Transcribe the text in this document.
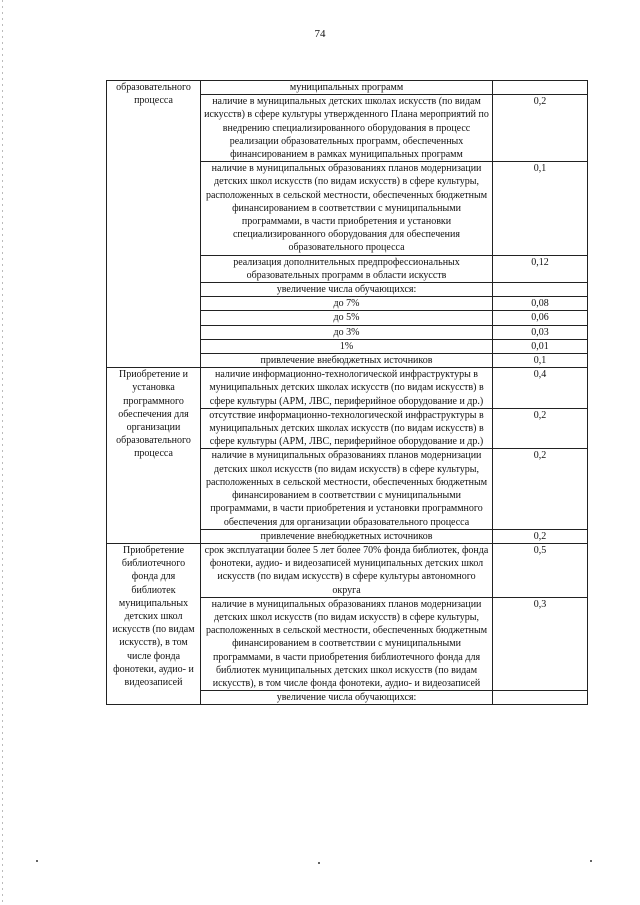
74
образовательного процесса	муниципальных программ	
	наличие в муниципальных детских школах искусств (по видам искусств) в сфере культуры утвержденного Плана мероприятий по внедрению специализированного оборудования в процесс реализации образовательных программ, обеспеченных финансированием в рамках муниципальных программ	0,2
	наличие в муниципальных образованиях планов модернизации детских школ искусств (по видам искусств) в сфере культуры, расположенных в сельской местности, обеспеченных бюджетным финансированием в соответствии с муниципальными программами, в части приобретения и установки специализированного оборудования для обеспечения образовательного процесса	0,1
	реализация дополнительных предпрофессиональных образовательных программ в области искусств	0,12
	увеличение числа обучающихся:	
	до 7%	0,08
	до 5%	0,06
	до 3%	0,03
	1%	0,01
	привлечение внебюджетных источников	0,1
Приобретение и установка программного обеспечения для организации образовательного процесса	наличие информационно-технологической инфраструктуры в муниципальных детских школах искусств (по видам искусств) в сфере культуры (АРМ, ЛВС, периферийное оборудование и др.)	0,4
	отсутствие информационно-технологической инфраструктуры в муниципальных детских школах искусств (по видам искусств) в сфере культуры (АРМ, ЛВС, периферийное оборудование и др.)	0,2
	наличие в муниципальных образованиях планов модернизации детских школ искусств (по видам искусств) в сфере культуры, расположенных в сельской местности, обеспеченных бюджетным финансированием в соответствии с муниципальными программами, в части приобретения и установки программного обеспечения для организации образовательного процесса	0,2
	привлечение внебюджетных источников	0,2
Приобретение библиотечного фонда для библиотек муниципальных детских школ искусств (по видам искусств), в том числе фонда фонотеки, аудио- и видеозаписей	срок эксплуатации более 5 лет более 70% фонда библиотек, фонда фонотеки, аудио- и видеозаписей муниципальных детских школ искусств (по видам искусств) в сфере культуры автономного округа	0,5
	наличие в муниципальных образованиях планов модернизации детских школ искусств (по видам искусств) в сфере культуры, расположенных в сельской местности, обеспеченных бюджетным финансированием в соответствии с муниципальными программами, в части приобретения библиотечного фонда для библиотек муниципальных детских школ искусств (по видам искусств), в том числе фонда фонотеки, аудио- и видеозаписей	0,3
	увеличение числа обучающихся:	
